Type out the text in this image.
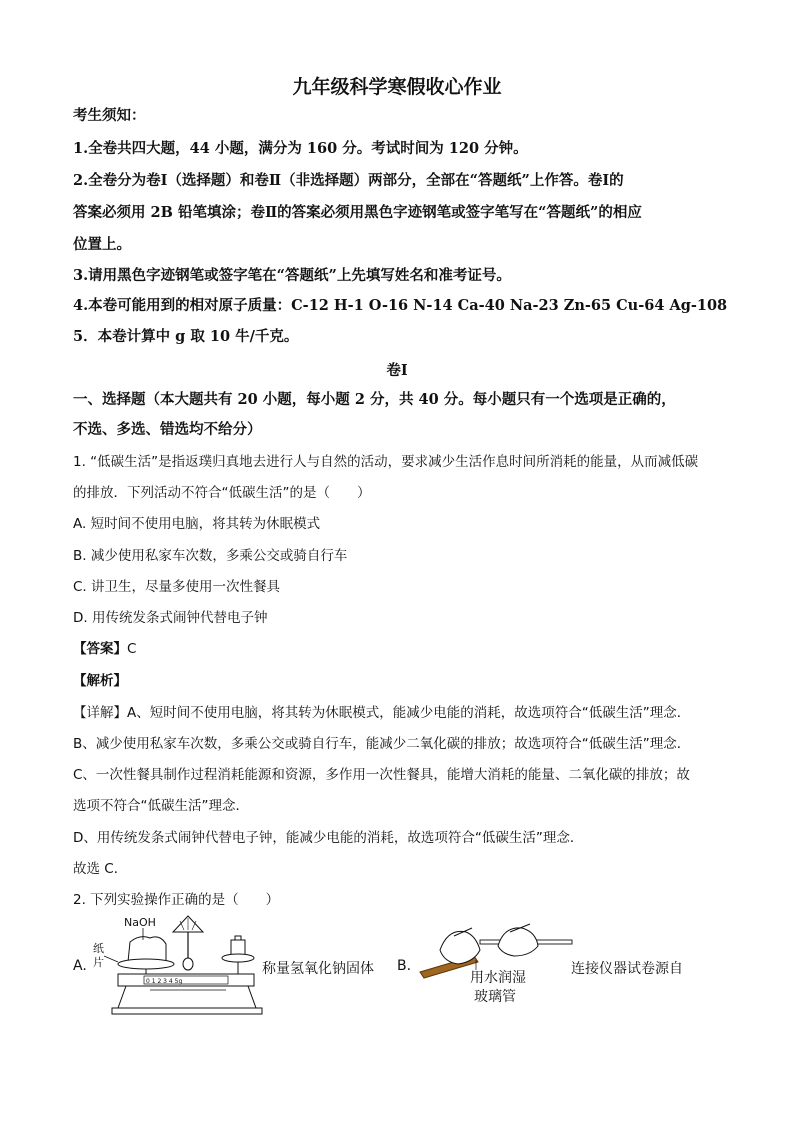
九年级科学寒假收心作业
考生须知：
1.全卷共四大题，44 小题，满分为 160 分。考试时间为 120 分钟。
2.全卷分为卷Ⅰ（选择题）和卷Ⅱ（非选择题）两部分，全部在“答题纸”上作答。卷Ⅰ的
答案必须用 2B 铅笔填涂；卷Ⅱ的答案必须用黑色字迹钢笔或签字笔写在“答题纸”的相应
位置上。
3.请用黑色字迹钢笔或签字笔在“答题纸”上先填写姓名和准考证号。
4.本卷可能用到的相对原子质量：C-12 H-1 O-16 N-14 Ca-40 Na-23 Zn-65 Cu-64 Ag-108
5．本卷计算中 g 取 10 牛/千克。
卷Ⅰ
一、选择题（本大题共有 20 小题，每小题 2 分，共 40 分。每小题只有一个选项是正确的，
不选、多选、错选均不给分）
1. “低碳生活”是指返璞归真地去进行人与自然的活动，要求减少生活作息时间所消耗的能量，从而减低碳
的排放．下列活动不符合“低碳生活”的是（　　）
A. 短时间不使用电脑，将其转为休眠模式
B. 减少使用私家车次数，多乘公交或骑自行车
C. 讲卫生，尽量多使用一次性餐具
D. 用传统发条式闹钟代替电子钟
【答案】C
【解析】
【详解】A、短时间不使用电脑，将其转为休眠模式，能减少电能的消耗，故选项符合“低碳生活”理念．
B、减少使用私家车次数，多乘公交或骑自行车，能减少二氧化碳的排放；故选项符合“低碳生活”理念．
C、一次性餐具制作过程消耗能源和资源，多作用一次性餐具，能增大消耗的能量、二氧化碳的排放；故
选项不符合“低碳生活”理念．
D、用传统发条式闹钟代替电子钟，能减少电能的消耗，故选项符合“低碳生活”理念．
故选 C．
2. 下列实验操作正确的是（　　）
A.
NaOH
纸
片
0 1 2 3 4 5g
称量氢氧化钠固体 B.
用水润湿
玻璃管
连接仪器试卷源自
